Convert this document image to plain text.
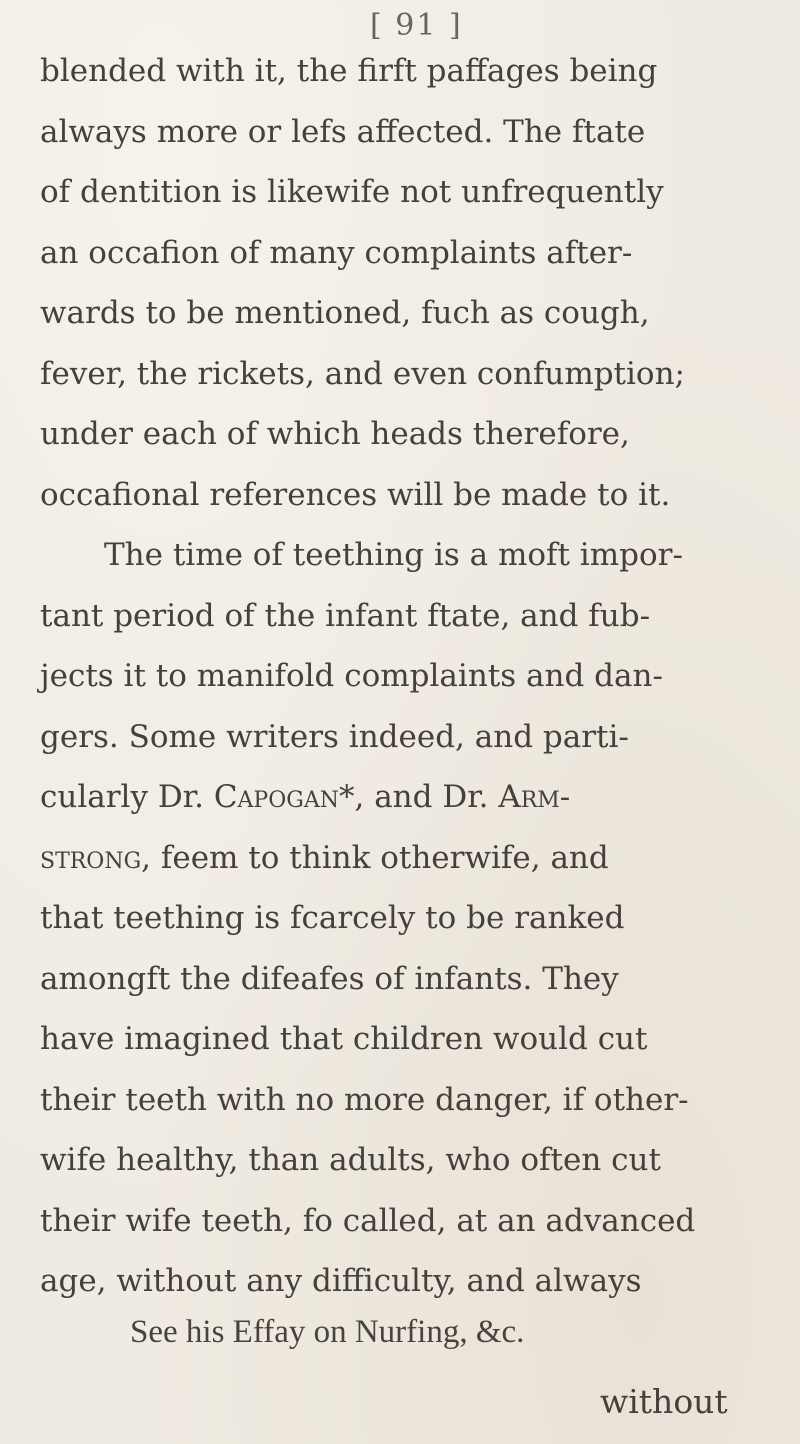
[ 91 ]
blended with it, the firft paffages being
always more or lefs affected. The ftate
of dentition is likewife not unfrequently
an occafion of many complaints after-
wards to be mentioned, fuch as cough,
fever, the rickets, and even confumption;
under each of which heads therefore,
occafional references will be made to it.
The time of teething is a moft impor-
tant period of the infant ftate, and fub-
jects it to manifold complaints and dan-
gers. Some writers indeed, and parti-
cularly Dr. Capogan*, and Dr. Arm-
strong, feem to think otherwife, and
that teething is fcarcely to be ranked
amongft the difeafes of infants. They
have imagined that children would cut
their teeth with no more danger, if other-
wife healthy, than adults, who often cut
their wife teeth, fo called, at an advanced
age, without any difficulty, and always
See his Effay on Nurfing, &c.
without
